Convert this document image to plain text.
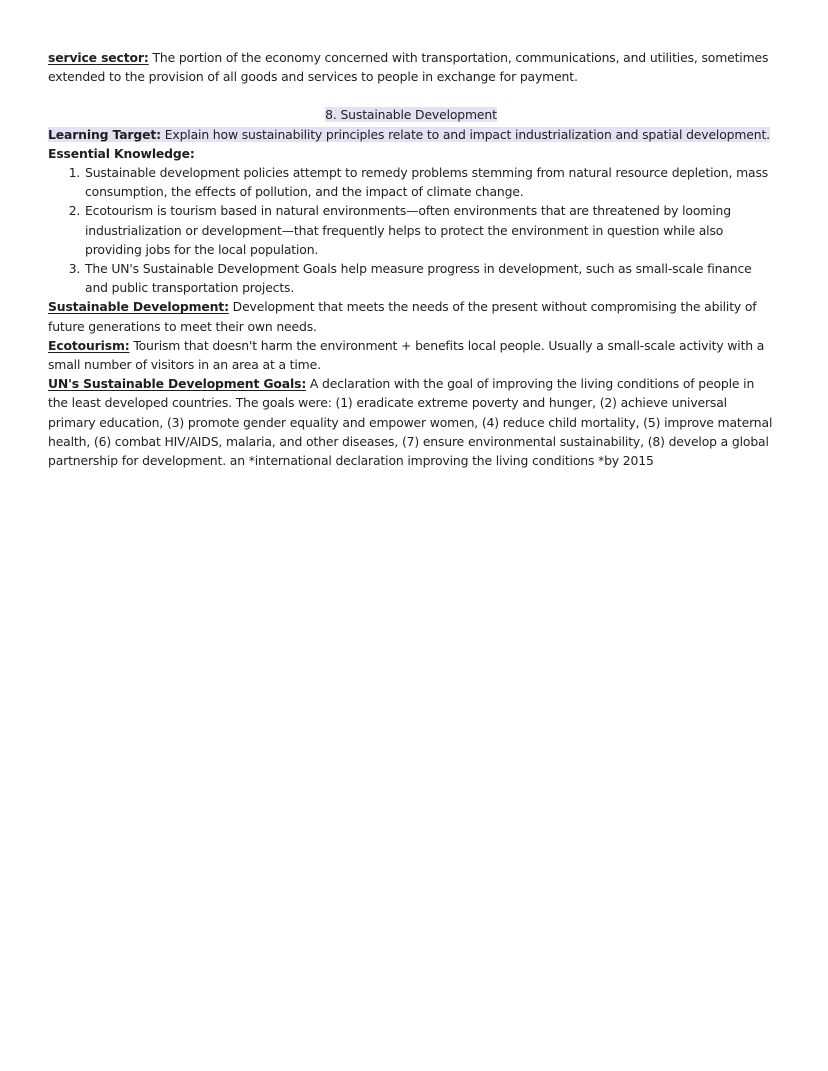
service sector: The portion of the economy concerned with transportation, communications, and utilities, sometimes extended to the provision of all goods and services to people in exchange for payment.

8. Sustainable Development

Learning Target: Explain how sustainability principles relate to and impact industrialization and spatial development.

Essential Knowledge:

1. Sustainable development policies attempt to remedy problems stemming from natural resource depletion, mass consumption, the effects of pollution, and the impact of climate change.
2. Ecotourism is tourism based in natural environments—often environments that are threatened by looming industrialization or development—that frequently helps to protect the environment in question while also providing jobs for the local population.
3. The UN's Sustainable Development Goals help measure progress in development, such as small-scale finance and public transportation projects.

Sustainable Development: Development that meets the needs of the present without compromising the ability of future generations to meet their own needs.

Ecotourism: Tourism that doesn't harm the environment + benefits local people. Usually a small-scale activity with a small number of visitors in an area at a time.

UN's Sustainable Development Goals: A declaration with the goal of improving the living conditions of people in the least developed countries. The goals were: (1) eradicate extreme poverty and hunger, (2) achieve universal primary education, (3) promote gender equality and empower women, (4) reduce child mortality, (5) improve maternal health, (6) combat HIV/AIDS, malaria, and other diseases, (7) ensure environmental sustainability, (8) develop a global partnership for development. an *international declaration improving the living conditions *by 2015
